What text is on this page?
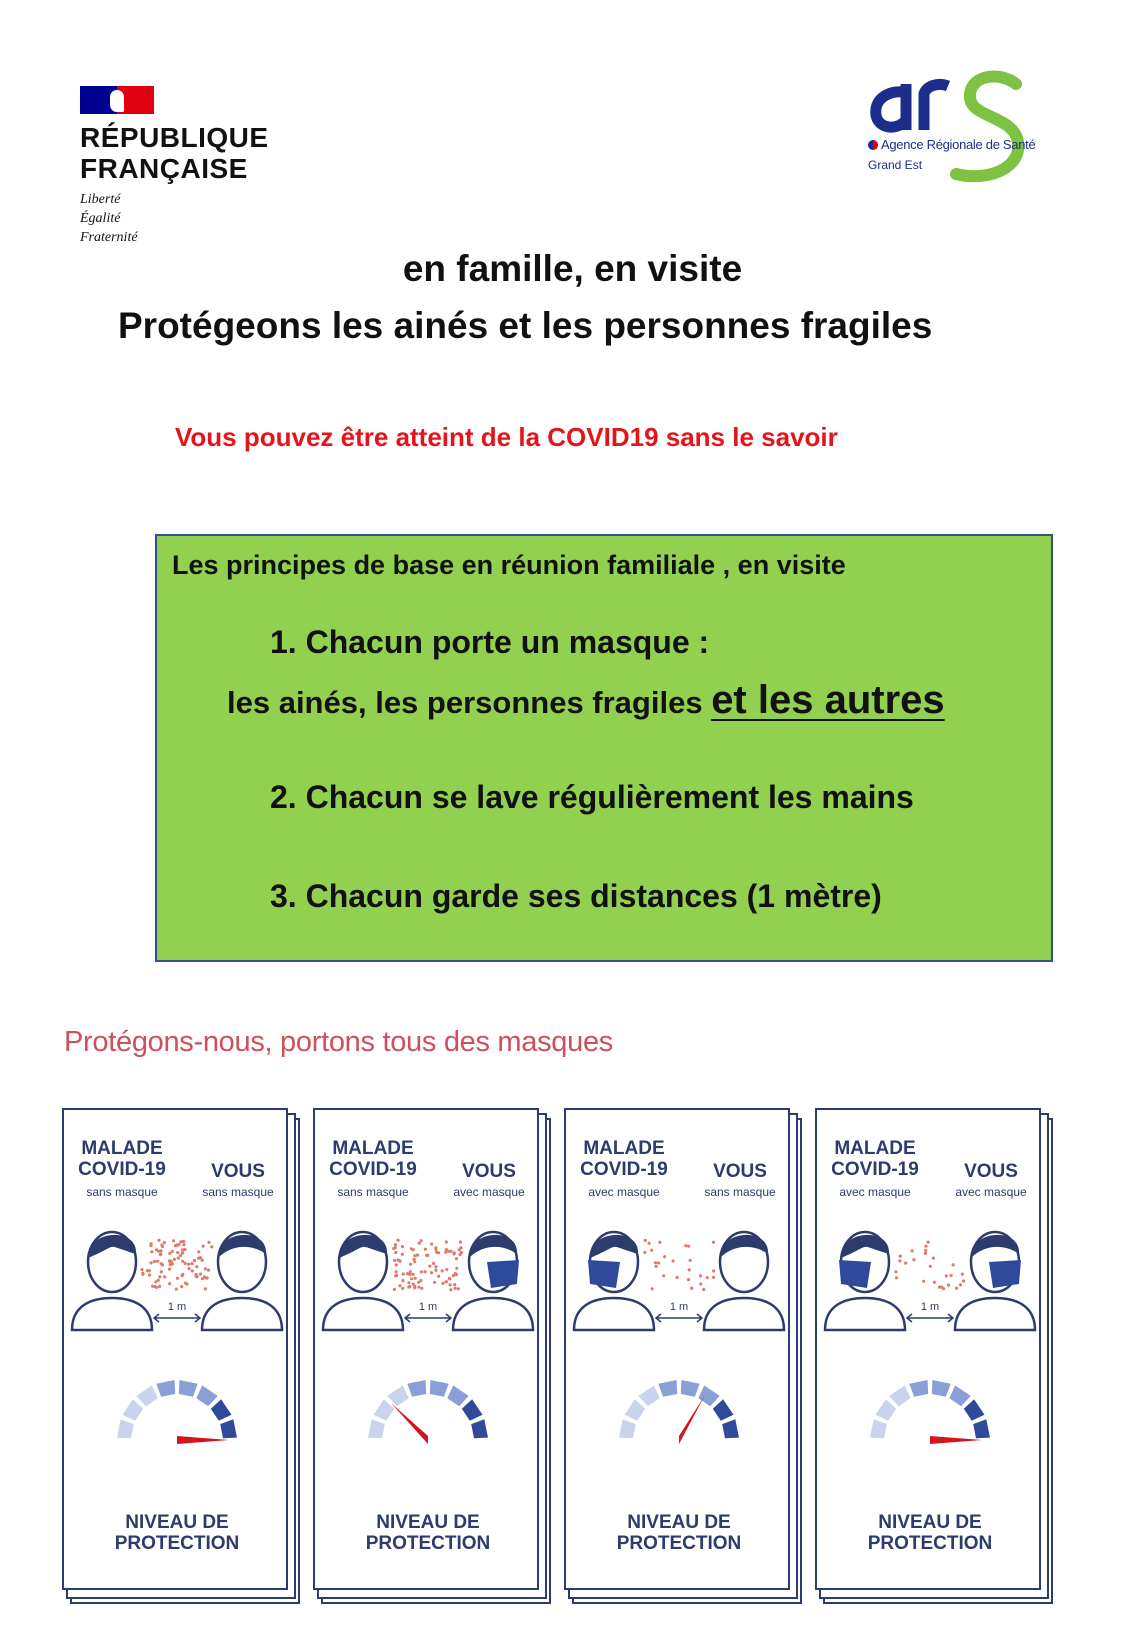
RÉPUBLIQUE
FRANÇAISE
Liberté
Égalité
Fraternité
Agence Régionale de Santé
Grand Est
en famille, en visite
Protégeons les ainés et les personnes fragiles
Vous pouvez être atteint de la COVID19 sans le savoir
Les principes de base en réunion familiale , en visite
1. Chacun porte un masque :
les ainés, les personnes fragiles et les autres
2. Chacun se lave régulièrement les mains
3. Chacun garde ses distances (1 mètre)
Protégons-nous, portons tous des masques
MALADE
COVID-19	VOUS
sans masque	sans masque
1 m
NIVEAU DE
PROTECTION
MALADE
COVID-19	VOUS
sans masque	avec masque
1 m
NIVEAU DE
PROTECTION
MALADE
COVID-19	VOUS
avec masque	sans masque
1 m
NIVEAU DE
PROTECTION
MALADE
COVID-19	VOUS
avec masque	avec masque
1 m
NIVEAU DE
PROTECTION
